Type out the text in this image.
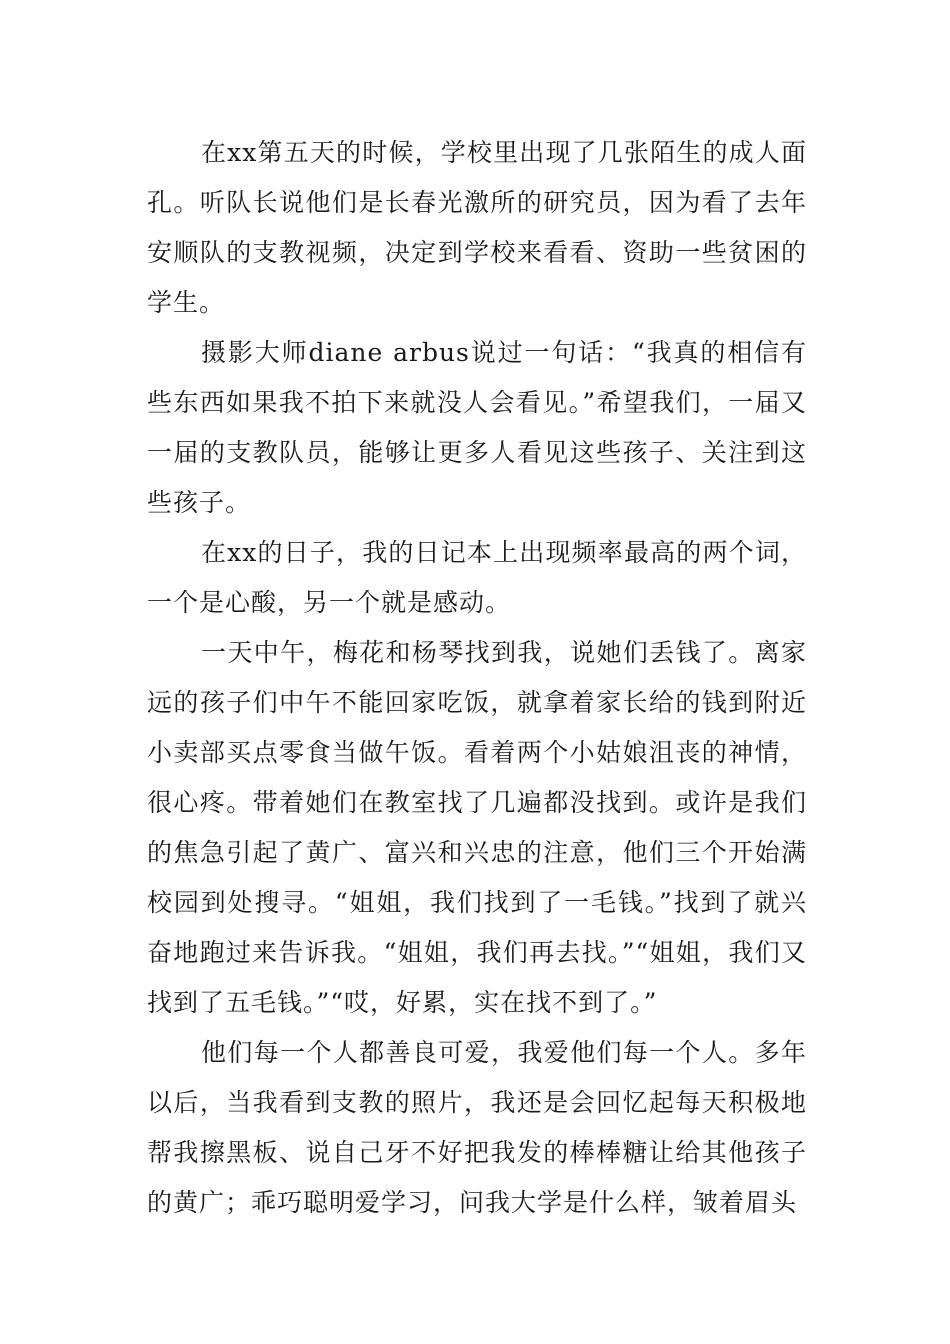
在xx第五天的时候，学校里出现了几张陌生的成人面孔。听队长说他们是长春光激所的研究员，因为看了去年安顺队的支教视频，决定到学校来看看、资助一些贫困的学生。

摄影大师diane arbus说过一句话：“我真的相信有些东西如果我不拍下来就没人会看见。”希望我们，一届又一届的支教队员，能够让更多人看见这些孩子、关注到这些孩子。

在xx的日子，我的日记本上出现频率最高的两个词，一个是心酸，另一个就是感动。

一天中午，梅花和杨琴找到我，说她们丢钱了。离家远的孩子们中午不能回家吃饭，就拿着家长给的钱到附近小卖部买点零食当做午饭。看着两个小姑娘沮丧的神情，很心疼。带着她们在教室找了几遍都没找到。或许是我们的焦急引起了黄广、富兴和兴忠的注意，他们三个开始满校园到处搜寻。“姐姐，我们找到了一毛钱。”找到了就兴奋地跑过来告诉我。“姐姐，我们再去找。”“姐姐，我们又找到了五毛钱。”“哎，好累，实在找不到了。”

他们每一个人都善良可爱，我爱他们每一个人。多年以后，当我看到支教的照片，我还是会回忆起每天积极地帮我擦黑板、说自己牙不好把我发的棒棒糖让给其他孩子的黄广；乖巧聪明爱学习，问我大学是什么样，皱着眉头
